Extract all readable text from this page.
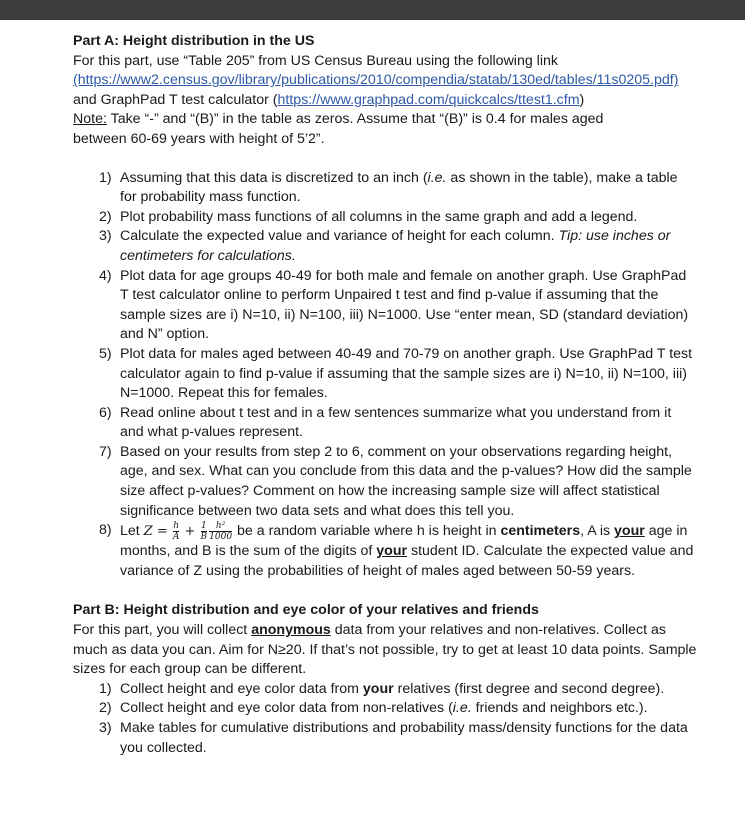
Part A: Height distribution in the US
For this part, use “Table 205” from US Census Bureau using the following link
(https://www2.census.gov/library/publications/2010/compendia/statab/130ed/tables/11s0205.pdf)
and GraphPad T test calculator (https://www.graphpad.com/quickcalcs/ttest1.cfm)
Note: Take “-” and “(B)” in the table as zeros. Assume that “(B)” is 0.4 for males aged
between 60-69 years with height of 5’2”.
1) Assuming that this data is discretized to an inch (i.e. as shown in the table), make a table for probability mass function.
2) Plot probability mass functions of all columns in the same graph and add a legend.
3) Calculate the expected value and variance of height for each column. Tip: use inches or centimeters for calculations.
4) Plot data for age groups 40-49 for both male and female on another graph. Use GraphPad T test calculator online to perform Unpaired t test and find p-value if assuming that the sample sizes are i) N=10, ii) N=100, iii) N=1000. Use “enter mean, SD (standard deviation) and N” option.
5) Plot data for males aged between 40-49 and 70-79 on another graph. Use GraphPad T test calculator again to find p-value if assuming that the sample sizes are i) N=10, ii) N=100, iii) N=1000. Repeat this for females.
6) Read online about t test and in a few sentences summarize what you understand from it and what p-values represent.
7) Based on your results from step 2 to 6, comment on your observations regarding height, age, and sex. What can you conclude from this data and the p-values? How did the sample size affect p-values? Comment on how the increasing sample size will affect statistical significance between two data sets and what does this tell you.
8) Let $Z = \frac{h}{A} + \frac{1}{B} \frac{\text{h²}}{1000}$ be a random variable where h is height in centimeters, A is your age in months, and B is the sum of the digits of your student ID. Calculate the expected value and variance of Z using the probabilities of height of males aged between 50-59 years.
Part B: Height distribution and eye color of your relatives and friends
For this part, you will collect anonymous data from your relatives and non-relatives. Collect as much as data you can. Aim for N≥20. If that’s not possible, try to get at least 10 data points. Sample sizes for each group can be different.
1) Collect height and eye color data from your relatives (first degree and second degree).
2) Collect height and eye color data from non-relatives (i.e. friends and neighbors etc.).
3) Make tables for cumulative distributions and probability mass/density functions for the data you collected.
